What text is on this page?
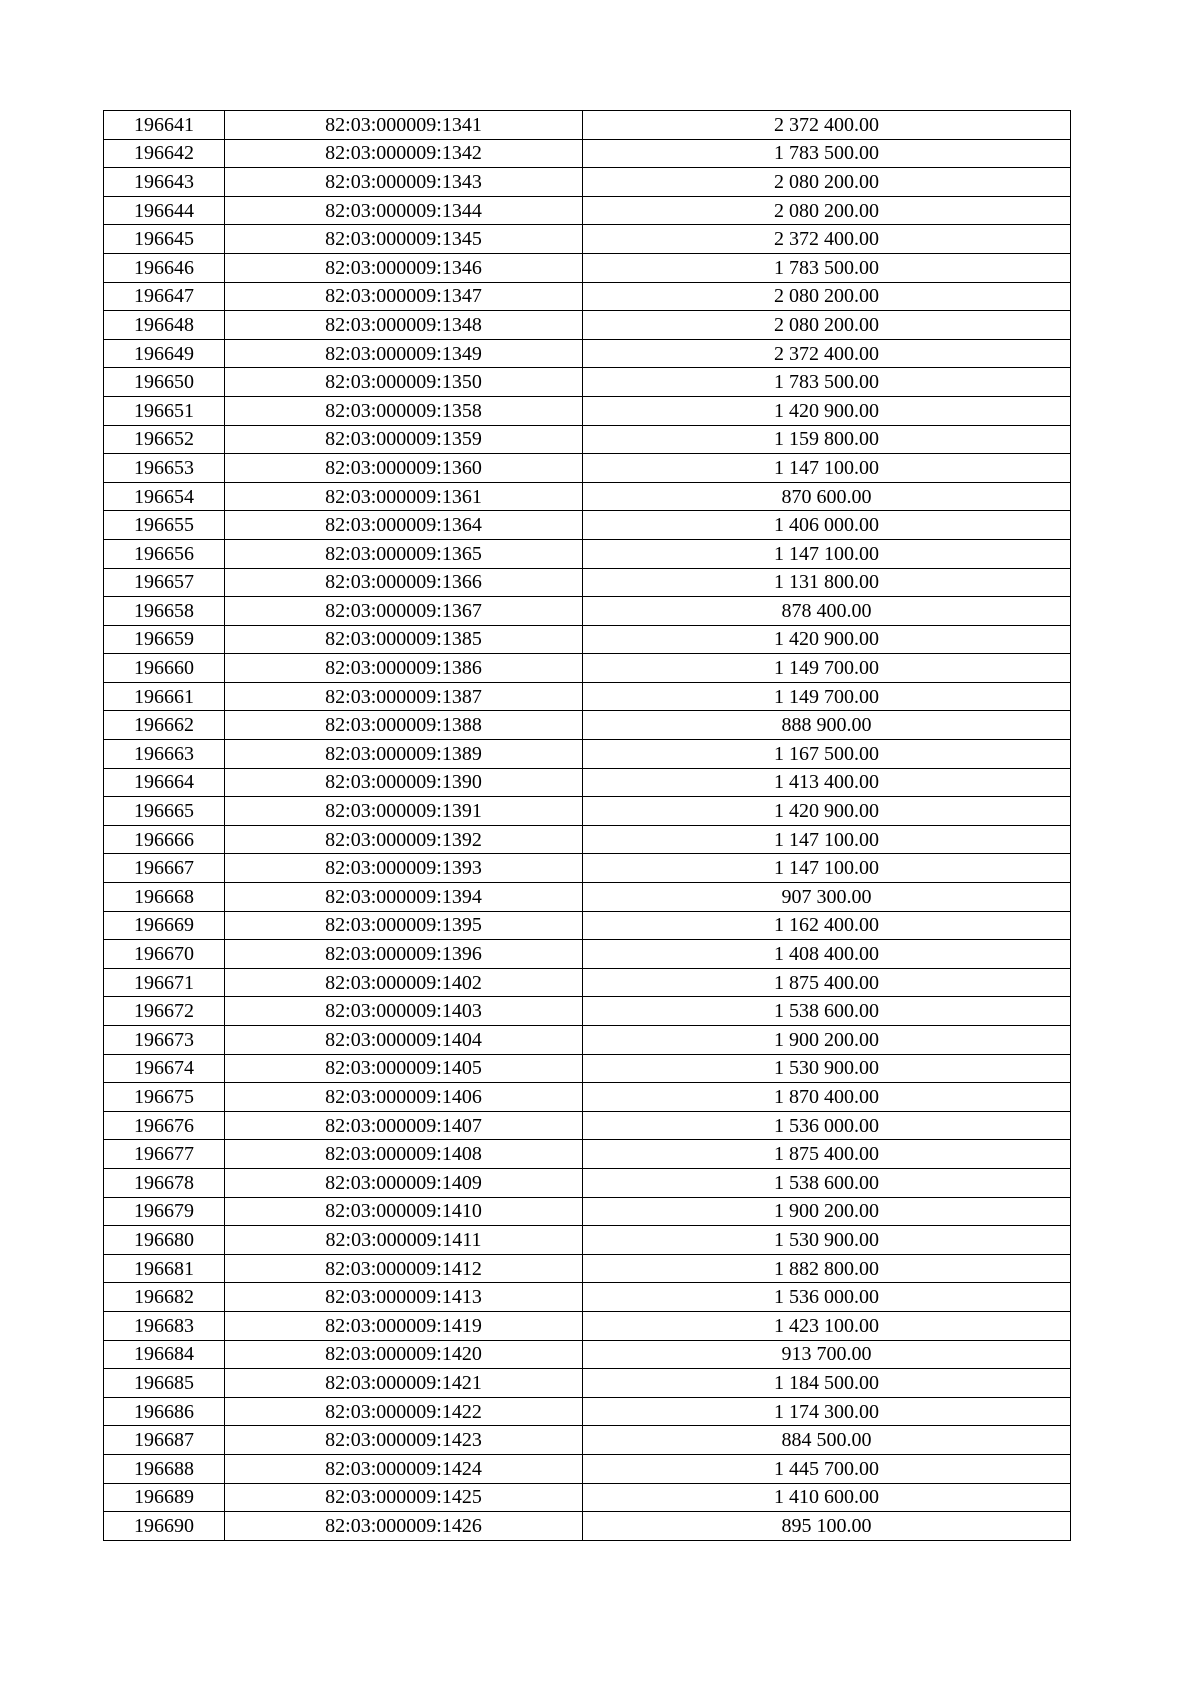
196641	82:03:000009:1341	2 372 400.00
196642	82:03:000009:1342	1 783 500.00
196643	82:03:000009:1343	2 080 200.00
196644	82:03:000009:1344	2 080 200.00
196645	82:03:000009:1345	2 372 400.00
196646	82:03:000009:1346	1 783 500.00
196647	82:03:000009:1347	2 080 200.00
196648	82:03:000009:1348	2 080 200.00
196649	82:03:000009:1349	2 372 400.00
196650	82:03:000009:1350	1 783 500.00
196651	82:03:000009:1358	1 420 900.00
196652	82:03:000009:1359	1 159 800.00
196653	82:03:000009:1360	1 147 100.00
196654	82:03:000009:1361	870 600.00
196655	82:03:000009:1364	1 406 000.00
196656	82:03:000009:1365	1 147 100.00
196657	82:03:000009:1366	1 131 800.00
196658	82:03:000009:1367	878 400.00
196659	82:03:000009:1385	1 420 900.00
196660	82:03:000009:1386	1 149 700.00
196661	82:03:000009:1387	1 149 700.00
196662	82:03:000009:1388	888 900.00
196663	82:03:000009:1389	1 167 500.00
196664	82:03:000009:1390	1 413 400.00
196665	82:03:000009:1391	1 420 900.00
196666	82:03:000009:1392	1 147 100.00
196667	82:03:000009:1393	1 147 100.00
196668	82:03:000009:1394	907 300.00
196669	82:03:000009:1395	1 162 400.00
196670	82:03:000009:1396	1 408 400.00
196671	82:03:000009:1402	1 875 400.00
196672	82:03:000009:1403	1 538 600.00
196673	82:03:000009:1404	1 900 200.00
196674	82:03:000009:1405	1 530 900.00
196675	82:03:000009:1406	1 870 400.00
196676	82:03:000009:1407	1 536 000.00
196677	82:03:000009:1408	1 875 400.00
196678	82:03:000009:1409	1 538 600.00
196679	82:03:000009:1410	1 900 200.00
196680	82:03:000009:1411	1 530 900.00
196681	82:03:000009:1412	1 882 800.00
196682	82:03:000009:1413	1 536 000.00
196683	82:03:000009:1419	1 423 100.00
196684	82:03:000009:1420	913 700.00
196685	82:03:000009:1421	1 184 500.00
196686	82:03:000009:1422	1 174 300.00
196687	82:03:000009:1423	884 500.00
196688	82:03:000009:1424	1 445 700.00
196689	82:03:000009:1425	1 410 600.00
196690	82:03:000009:1426	895 100.00
